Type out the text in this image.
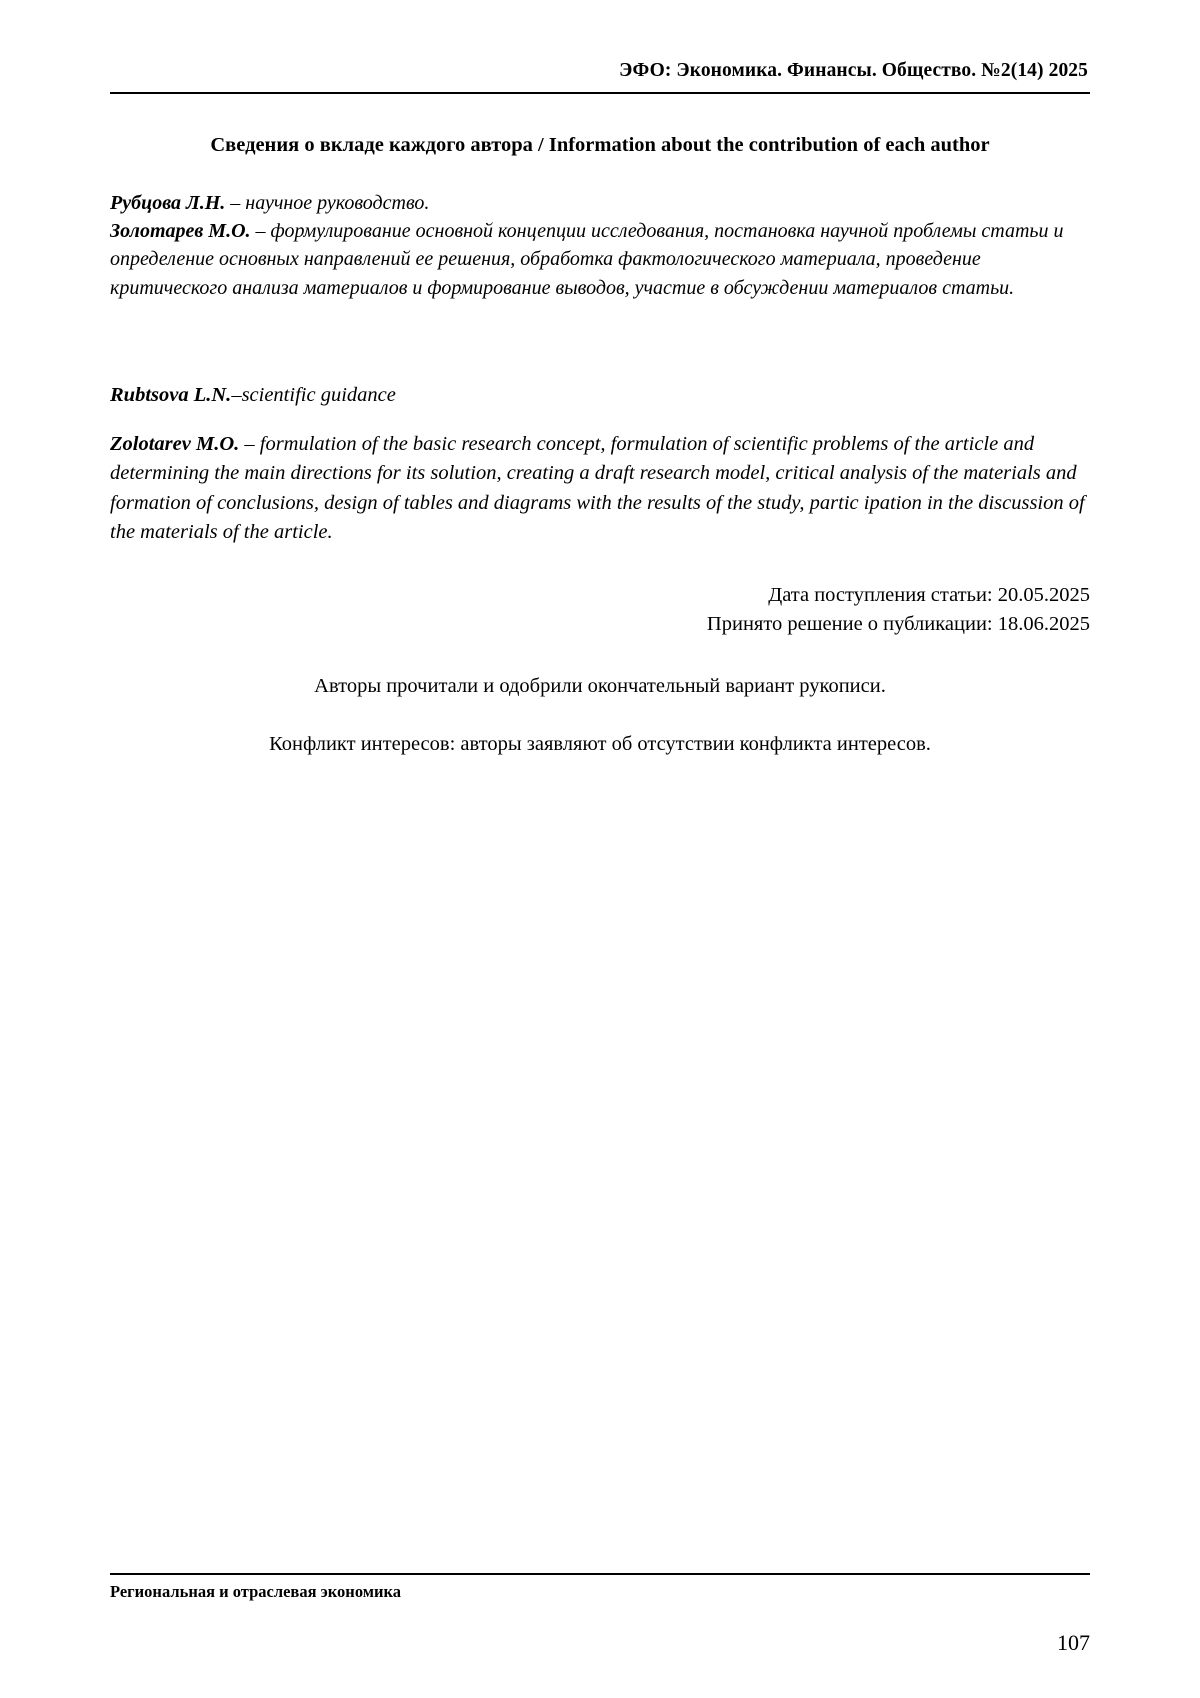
ЭФО: Экономика. Финансы. Общество. №2(14) 2025
Сведения о вкладе каждого автора / Information about the contribution of each author

Рубцова Л.Н. – научное руководство.

Золотарев М.О. – формулирование основной концепции исследования, постановка научной проблемы статьи и определение основных направлений ее решения, обработка фактологического материала, проведение критического анализа материалов и формирование выводов, участие в обсуждении материалов статьи.

Rubtsova L.N.–scientific guidance

Zolotarev M.O. – formulation of the basic research concept, formulation of scientific problems of the article and determining the main directions for its solution, creating a draft research model, critical analysis of the materials and formation of conclusions, design of tables and diagrams with the results of the study, partic ipation in the discussion of the materials of the article.

Дата поступления статьи: 20.05.2025
Принято решение о публикации: 18.06.2025
Авторы прочитали и одобрили окончательный вариант рукописи.
Конфликт интересов: авторы заявляют об отсутствии конфликта интересов.
Региональная и отраслевая экономика
107
